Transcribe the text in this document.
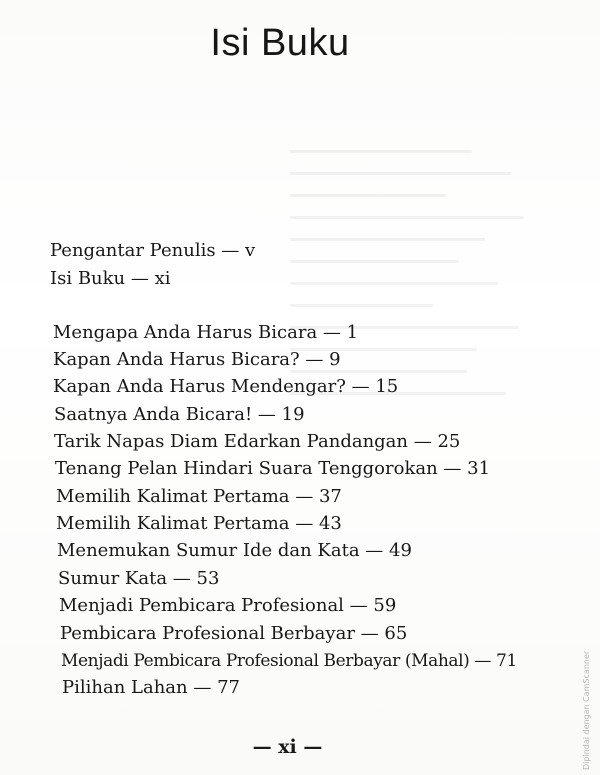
Isi Buku
Pengantar Penulis — v
Isi Buku — xi
Mengapa Anda Harus Bicara — 1
Kapan Anda Harus Bicara? — 9
Kapan Anda Harus Mendengar? — 15
Saatnya Anda Bicara! — 19
Tarik Napas Diam Edarkan Pandangan — 25
Tenang Pelan Hindari Suara Tenggorokan — 31
Memilih Kalimat Pertama — 37
Memilih Kalimat Pertama — 43
Menemukan Sumur Ide dan Kata — 49
Sumur Kata — 53
Menjadi Pembicara Profesional — 59
Pembicara Profesional Berbayar — 65
Menjadi Pembicara Profesional Berbayar (Mahal) — 71
Pilihan Lahan — 77
— xi —	Dipindai dengan CamScanner
